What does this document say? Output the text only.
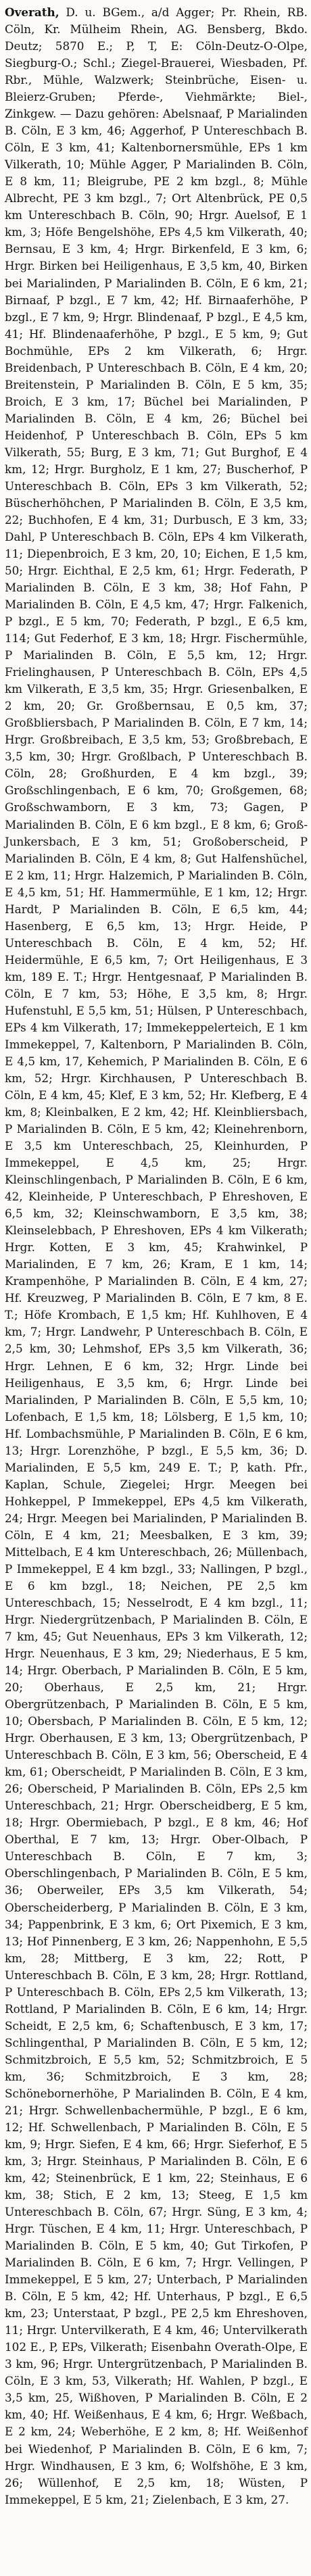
Overath, D. u. BGem., a/d Agger; Pr. Rhein, RB. Cöln, Kr. Mülheim Rhein, AG. Bensberg, Bkdo. Deutz; 5870 E.; P, T, E: Cöln-Deutz-O-Olpe, Siegburg-O.; Schl.; Ziegel-Brauerei, Wiesbaden, Pf. Rbr., Mühle, Walzwerk; Steinbrüche, Eisen- u. Bleierz-Gruben; Pferde-, Viehmärkte; Biel-, Zinkgew. — Dazu gehören: Abelsnaaf, P Marialinden B. Cöln, E 3 km, 46; Aggerhof, P Untereschbach B. Cöln, E 3 km, 41; Kaltenbornersmühle, EPs 1 km Vilkerath, 10; Mühle Agger, P Marialinden B. Cöln, E 8 km, 11; Bleigrube, PE 2 km bzgl., 8; Mühle Albrecht, PE 3 km bzgl., 7; Ort Altenbrück, PE 0,5 km Untereschbach B. Cöln, 90; Hrgr. Auelsof, E 1 km, 3; Höfe Bengelshöhe, EPs 4,5 km Vilkerath, 40; Bernsau, E 3 km, 4; Hrgr. Birkenfeld, E 3 km, 6; Hrgr. Birken bei Heiligenhaus, E 3,5 km, 40, Birken bei Marialinden, P Marialinden B. Cöln, E 6 km, 21; Birnaaf, P bzgl., E 7 km, 42; Hf. Birnaaferhöhe, P bzgl., E 7 km, 9; Hrgr. Blindenaaf, P bzgl., E 4,5 km, 41; Hf. Blindenaaferhöhe, P bzgl., E 5 km, 9; Gut Bochmühle, EPs 2 km Vilkerath, 6; Hrgr. Breidenbach, P Untereschbach B. Cöln, E 4 km, 20; Breitenstein, P Marialinden B. Cöln, E 5 km, 35; Broich, E 3 km, 17; Büchel bei Marialinden, P Marialinden B. Cöln, E 4 km, 26; Büchel bei Heidenhof, P Untereschbach B. Cöln, EPs 5 km Vilkerath, 55; Burg, E 3 km, 71; Gut Burghof, E 4 km, 12; Hrgr. Burgholz, E 1 km, 27; Buscherhof, P Untereschbach B. Cöln, EPs 3 km Vilkerath, 52; Büscherhöhchen, P Marialinden B. Cöln, E 3,5 km, 22; Buchhofen, E 4 km, 31; Durbusch, E 3 km, 33; Dahl, P Untereschbach B. Cöln, EPs 4 km Vilkerath, 11; Diepenbroich, E 3 km, 20, 10; Eichen, E 1,5 km, 50; Hrgr. Eichthal, E 2,5 km, 61; Hrgr. Federath, P Marialinden B. Cöln, E 3 km, 38; Hof Fahn, P Marialinden B. Cöln, E 4,5 km, 47; Hrgr. Falkenich, P bzgl., E 5 km, 70; Federath, P bzgl., E 6,5 km, 114; Gut Federhof, E 3 km, 18; Hrgr. Fischermühle, P Marialinden B. Cöln, E 5,5 km, 12; Hrgr. Frielinghausen, P Untereschbach B. Cöln, EPs 4,5 km Vilkerath, E 3,5 km, 35; Hrgr. Griesenbalken, E 2 km, 20; Gr. Großbernsau, E 0,5 km, 37; Großbliersbach, P Marialinden B. Cöln, E 7 km, 14; Hrgr. Großbreibach, E 3,5 km, 53; Großbrebach, E 3,5 km, 30; Hrgr. Großlbach, P Untereschbach B. Cöln, 28; Großhurden, E 4 km bzgl., 39; Großschlingenbach, E 6 km, 70; Großgemen, 68; Großschwamborn, E 3 km, 73; Gagen, P Marialinden B. Cöln, E 6 km bzgl., E 8 km, 6; Groß-Junkersbach, E 3 km, 51; Großoberscheid, P Marialinden B. Cöln, E 4 km, 8; Gut Halfenshüchel, E 2 km, 11; Hrgr. Halzemich, P Marialinden B. Cöln, E 4,5 km, 51; Hf. Hammermühle, E 1 km, 12; Hrgr. Hardt, P Marialinden B. Cöln, E 6,5 km, 44; Hasenberg, E 6,5 km, 13; Hrgr. Heide, P Untereschbach B. Cöln, E 4 km, 52; Hf. Heidermühle, E 6,5 km, 7; Ort Heiligenhaus, E 3 km, 189 E. T.; Hrgr. Hentgesnaaf, P Marialinden B. Cöln, E 7 km, 53; Höhe, E 3,5 km, 8; Hrgr. Hufenstuhl, E 5,5 km, 51; Hülsen, P Untereschbach, EPs 4 km Vilkerath, 17; Immekeppelerteich, E 1 km Immekeppel, 7, Kaltenborn, P Marialinden B. Cöln, E 4,5 km, 17, Kehemich, P Marialinden B. Cöln, E 6 km, 52; Hrgr. Kirchhausen, P Untereschbach B. Cöln, E 4 km, 45; Klef, E 3 km, 52; Hr. Klefberg, E 4 km, 8; Kleinbalken, E 2 km, 42; Hf. Kleinbliersbach, P Marialinden B. Cöln, E 5 km, 42; Kleinehrenborn, E 3,5 km Untereschbach, 25, Kleinhurden, P Immekeppel, E 4,5 km, 25; Hrgr. Kleinschlingenbach, P Marialinden B. Cöln, E 6 km, 42, Kleinheide, P Untereschbach, P Ehreshoven, E 6,5 km, 32; Kleinschwamborn, E 3,5 km, 38; Kleinselebbach, P Ehreshoven, EPs 4 km Vilkerath; Hrgr. Kotten, E 3 km, 45; Krahwinkel, P Marialinden, E 7 km, 26; Kram, E 1 km, 14; Krampenhöhe, P Marialinden B. Cöln, E 4 km, 27; Hf. Kreuzweg, P Marialinden B. Cöln, E 7 km, 8 E. T.; Höfe Krombach, E 1,5 km; Hf. Kuhlhoven, E 4 km, 7; Hrgr. Landwehr, P Untereschbach B. Cöln, E 2,5 km, 30; Lehmshof, EPs 3,5 km Vilkerath, 36; Hrgr. Lehnen, E 6 km, 32; Hrgr. Linde bei Heiligenhaus, E 3,5 km, 6; Hrgr. Linde bei Marialinden, P Marialinden B. Cöln, E 5,5 km, 10; Lofenbach, E 1,5 km, 18; Lölsberg, E 1,5 km, 10; Hf. Lombachsmühle, P Marialinden B. Cöln, E 6 km, 13; Hrgr. Lorenzhöhe, P bzgl., E 5,5 km, 36; D. Marialinden, E 5,5 km, 249 E. T.; P, kath. Pfr., Kaplan, Schule, Ziegelei; Hrgr. Meegen bei Hohkeppel, P Immekeppel, EPs 4,5 km Vilkerath, 24; Hrgr. Meegen bei Marialinden, P Marialinden B. Cöln, E 4 km, 21; Meesbalken, E 3 km, 39; Mittelbach, E 4 km Untereschbach, 26; Müllenbach, P Immekeppel, E 4 km bzgl., 33; Nallingen, P bzgl., E 6 km bzgl., 18; Neichen, PE 2,5 km Untereschbach, 15; Nesselrodt, E 4 km bzgl., 11; Hrgr. Niedergrützenbach, P Marialinden B. Cöln, E 7 km, 45; Gut Neuenhaus, EPs 3 km Vilkerath, 12; Hrgr. Neuenhaus, E 3 km, 29; Niederhaus, E 5 km, 14; Hrgr. Oberbach, P Marialinden B. Cöln, E 5 km, 20; Oberhaus, E 2,5 km, 21; Hrgr. Obergrützenbach, P Marialinden B. Cöln, E 5 km, 10; Obersbach, P Marialinden B. Cöln, E 5 km, 12; Hrgr. Oberhausen, E 3 km, 13; Obergrützenbach, P Untereschbach B. Cöln, E 3 km, 56; Oberscheid, E 4 km, 61; Oberscheidt, P Marialinden B. Cöln, E 3 km, 26; Oberscheid, P Marialinden B. Cöln, EPs 2,5 km Untereschbach, 21; Hrgr. Oberscheidberg, E 5 km, 18; Hrgr. Obermiebach, P bzgl., E 8 km, 46; Hof Oberthal, E 7 km, 13; Hrgr. Ober-Olbach, P Untereschbach B. Cöln, E 7 km, 3; Oberschlingenbach, P Marialinden B. Cöln, E 5 km, 36; Oberweiler, EPs 3,5 km Vilkerath, 54; Oberscheiderberg, P Marialinden B. Cöln, E 3 km, 34; Pappenbrink, E 3 km, 6; Ort Pixemich, E 3 km, 13; Hof Pinnenberg, E 3 km, 26; Nappenhohn, E 5,5 km, 28; Mittberg, E 3 km, 22; Rott, P Untereschbach B. Cöln, E 3 km, 28; Hrgr. Rottland, P Untereschbach B. Cöln, EPs 2,5 km Vilkerath, 13; Rottland, P Marialinden B. Cöln, E 6 km, 14; Hrgr. Scheidt, E 2,5 km, 6; Schaftenbusch, E 3 km, 17; Schlingenthal, P Marialinden B. Cöln, E 5 km, 12; Schmitzbroich, E 5,5 km, 52; Schmitzbroich, E 5 km, 36; Schmitzbroich, E 3 km, 28; Schönebornerhöhe, P Marialinden B. Cöln, E 4 km, 21; Hrgr. Schwellenbachermühle, P bzgl., E 6 km, 12; Hf. Schwellenbach, P Marialinden B. Cöln, E 5 km, 9; Hrgr. Siefen, E 4 km, 66; Hrgr. Sieferhof, E 5 km, 3; Hrgr. Steinhaus, P Marialinden B. Cöln, E 6 km, 42; Steinenbrück, E 1 km, 22; Steinhaus, E 6 km, 38; Stich, E 2 km, 13; Steeg, E 1,5 km Untereschbach B. Cöln, 67; Hrgr. Süng, E 3 km, 4; Hrgr. Tüschen, E 4 km, 11; Hrgr. Untereschbach, P Marialinden B. Cöln, E 5 km, 40; Gut Tirkofen, P Marialinden B. Cöln, E 6 km, 7; Hrgr. Vellingen, P Immekeppel, E 5 km, 27; Unterbach, P Marialinden B. Cöln, E 5 km, 42; Hf. Unterhaus, P bzgl., E 6,5 km, 23; Unterstaat, P bzgl., PE 2,5 km Ehreshoven, 11; Hrgr. Untervilkerath, E 4 km, 46; Untervilkerath 102 E., P, EPs, Vilkerath; Eisenbahn Overath-Olpe, E 3 km, 96; Hrgr. Untergrützenbach, P Marialinden B. Cöln, E 3 km, 53, Vilkerath; Hf. Wahlen, P bzgl., E 3,5 km, 25, Wißhoven, P Marialinden B. Cöln, E 2 km, 40; Hf. Weißenhaus, E 4 km, 6; Hrgr. Weßbach, E 2 km, 24; Weberhöhe, E 2 km, 8; Hf. Weißenhof bei Wiedenhof, P Marialinden B. Cöln, E 6 km, 7; Hrgr. Windhausen, E 3 km, 6; Wolfshöhe, E 3 km, 26; Wüllenhof, E 2,5 km, 18; Wüsten, P Immekeppel, E 5 km, 21; Zielenbach, E 3 km, 27.
